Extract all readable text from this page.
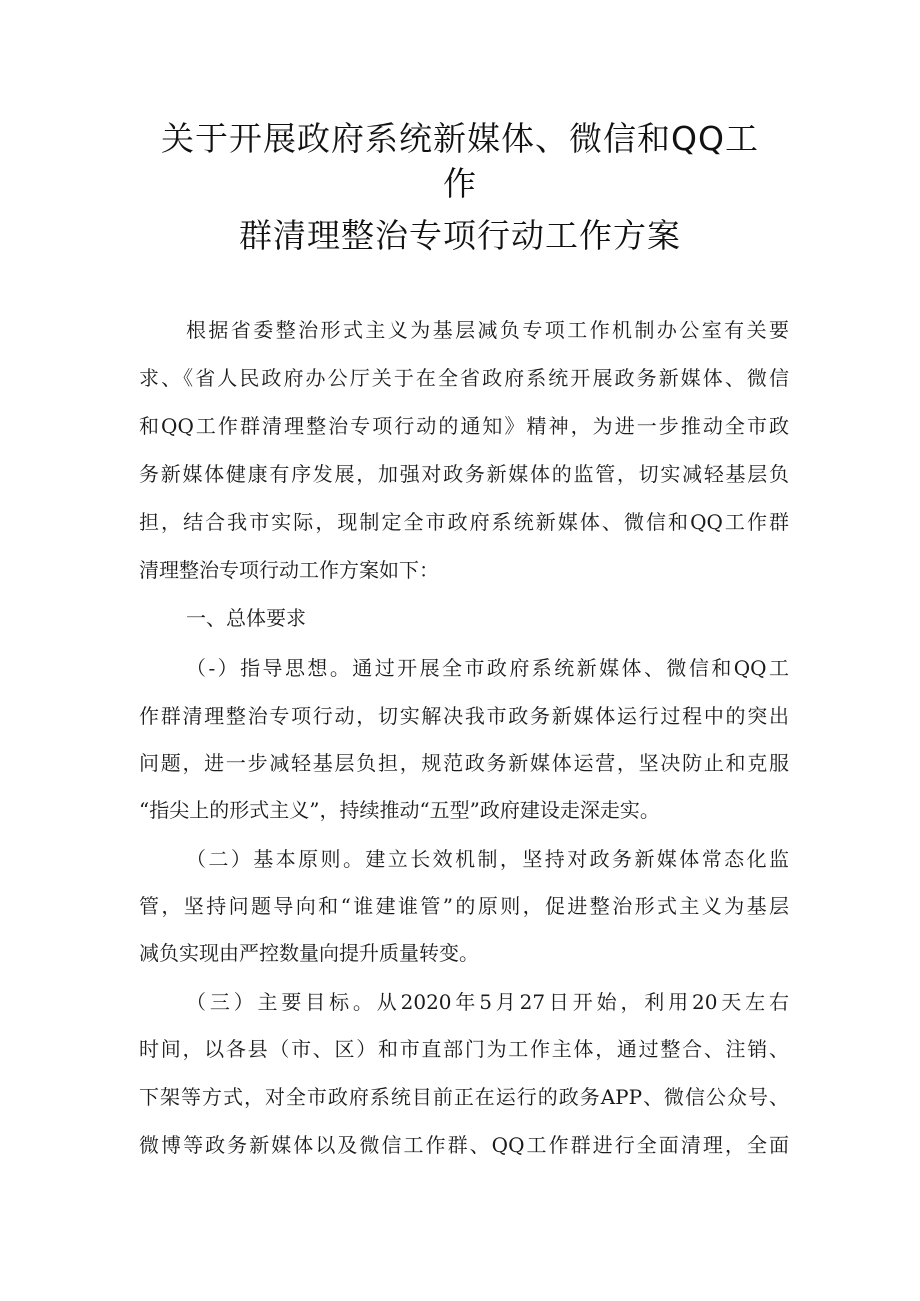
关于开展政府系统新媒体、微信和QQ工
作
群清理整治专项行动工作方案
根据省委整治形式主义为基层减负专项工作机制办公室有关要
求、《省人民政府办公厅关于在全省政府系统开展政务新媒体、微信
和QQ工作群清理整治专项行动的通知》精神，为进一步推动全市政
务新媒体健康有序发展，加强对政务新媒体的监管，切实减轻基层负
担，结合我市实际，现制定全市政府系统新媒体、微信和QQ工作群
清理整治专项行动工作方案如下：
一、总体要求
（-）指导思想。通过开展全市政府系统新媒体、微信和QQ工
作群清理整治专项行动，切实解决我市政务新媒体运行过程中的突出
问题，进一步减轻基层负担，规范政务新媒体运营，坚决防止和克服
“指尖上的形式主义”，持续推动“五型”政府建设走深走实。
（二）基本原则。建立长效机制，坚持对政务新媒体常态化监
管，坚持问题导向和“谁建谁管”的原则，促进整治形式主义为基层
减负实现由严控数量向提升质量转变。
（三）主要目标。从2020年5月27日开始，利用20天左右
时间，以各县（市、区）和市直部门为工作主体，通过整合、注销、
下架等方式，对全市政府系统目前正在运行的政务APP、微信公众号、
微博等政务新媒体以及微信工作群、QQ工作群进行全面清理，全面
